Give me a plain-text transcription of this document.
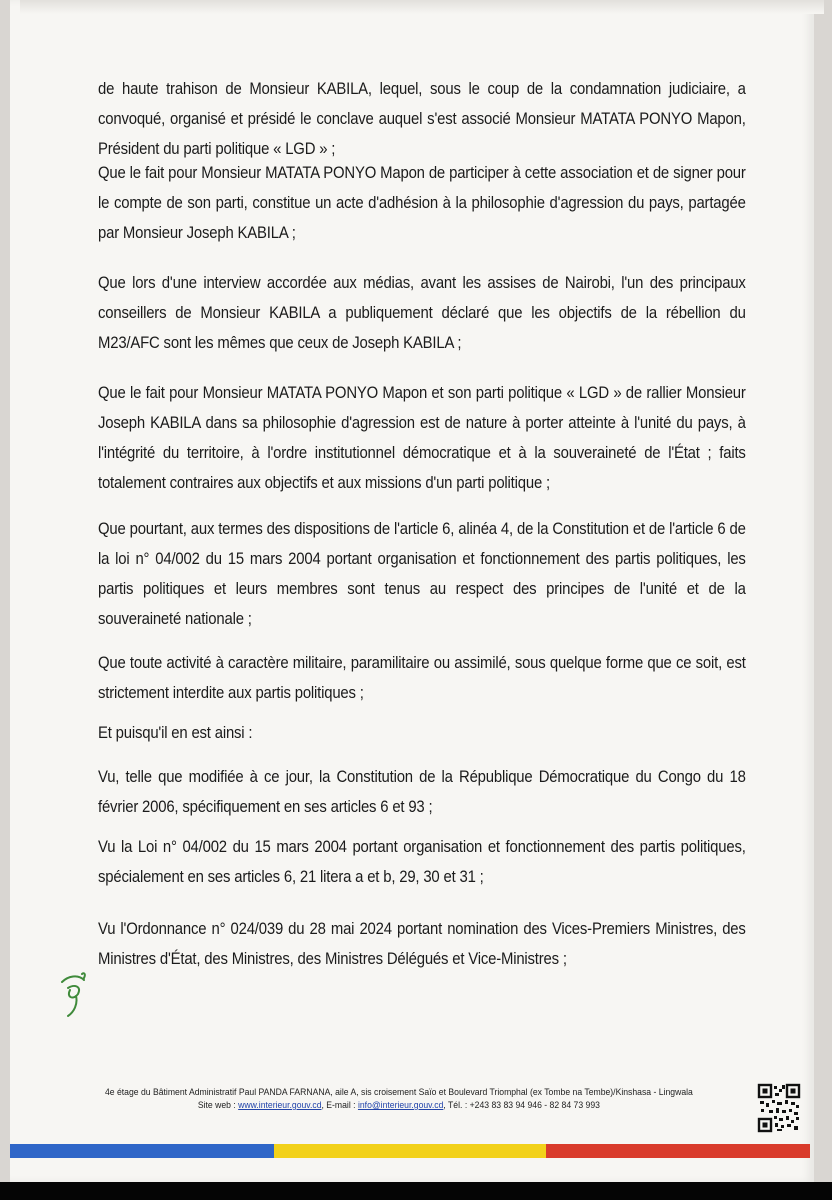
de haute trahison de Monsieur KABILA, lequel, sous le coup de la condamnation judiciaire, a convoqué, organisé et présidé le conclave auquel s'est associé Monsieur MATATA PONYO Mapon, Président du parti politique « LGD » ;
Que le fait pour Monsieur MATATA PONYO Mapon de participer à cette association et de signer pour le compte de son parti, constitue un acte d'adhésion à la philosophie d'agression du pays, partagée par Monsieur Joseph KABILA ;
Que lors d'une interview accordée aux médias, avant les assises de Nairobi, l'un des principaux conseillers de Monsieur KABILA a publiquement déclaré que les objectifs de la rébellion du M23/AFC sont les mêmes que ceux de Joseph KABILA ;
Que le fait pour Monsieur MATATA PONYO Mapon et son parti politique « LGD » de rallier Monsieur Joseph KABILA dans sa philosophie d'agression est de nature à porter atteinte à l'unité du pays, à l'intégrité du territoire, à l'ordre institutionnel démocratique et à la souveraineté de l'État ; faits totalement contraires aux objectifs et aux missions d'un parti politique ;
Que pourtant, aux termes des dispositions de l'article 6, alinéa 4, de la Constitution et de l'article 6 de la loi n° 04/002 du 15 mars 2004 portant organisation et fonctionnement des partis politiques, les partis politiques et leurs membres sont tenus au respect des principes de l'unité et de la souveraineté nationale ;
Que toute activité à caractère militaire, paramilitaire ou assimilé, sous quelque forme que ce soit, est strictement interdite aux partis politiques ;
Et puisqu'il en est ainsi :
Vu, telle que modifiée à ce jour, la Constitution de la République Démocratique du Congo du 18 février 2006, spécifiquement en ses articles 6 et 93 ;
Vu la Loi n° 04/002 du 15 mars 2004 portant organisation et fonctionnement des partis politiques, spécialement en ses articles 6, 21 litera a et b, 29, 30 et 31 ;
Vu l'Ordonnance n° 024/039 du 28 mai 2024 portant nomination des Vices-Premiers Ministres, des Ministres d'État, des Ministres, des Ministres Délégués et Vice-Ministres ;
4e étage du Bâtiment Administratif Paul PANDA FARNANA, aile A, sis croisement Saïo et Boulevard Triomphal (ex Tombe na Tembe)/Kinshasa - Lingwala
Site web : www.interieur.gouv.cd, E-mail : info@interieur.gouv.cd, Tél. : +243 83 83 94 946 - 82 84 73 993
